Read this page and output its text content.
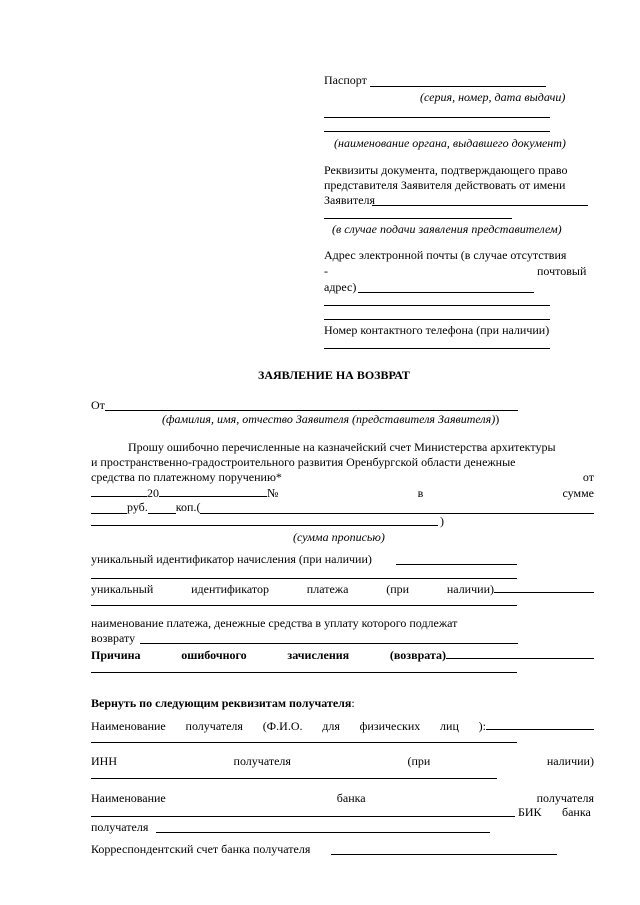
Паспорт
(серия, номер, дата выдачи)
(наименование органа, выдавшего документ)
Реквизиты документа, подтверждающего право
представителя Заявителя действовать от имени
Заявителя
(в случае подачи заявления представителем)
Адрес электронной почты (в случае отсутствия
-	почтовый
адрес)
Номер контактного телефона (при наличии)
ЗАЯВЛЕНИЕ НА ВОЗВРАТ
От
(фамилия, имя, отчество Заявителя (представителя Заявителя))
Прошу ошибочно перечисленные на казначейский счет Министерства архитектуры
и пространственно-градостроительного развития Оренбургской области денежные
средства по платежному поручению*	от
20	№	в	сумме
руб. коп.(
)
(сумма прописью)
уникальный идентификатор начисления (при наличии)
уникальный	идентификатор	платежа	(при	наличии)
наименование платежа, денежные средства в уплату которого подлежат
возврату
Причина	ошибочного	зачисления	(возврата)
Вернуть по следующим реквизитам получателя:
Наименование получателя (Ф.И.О. для физических лиц ):
ИНН	получателя	(при	наличии)
Наименование	банка	получателя
БИК банка
получателя
Корреспондентский счет банка получателя
